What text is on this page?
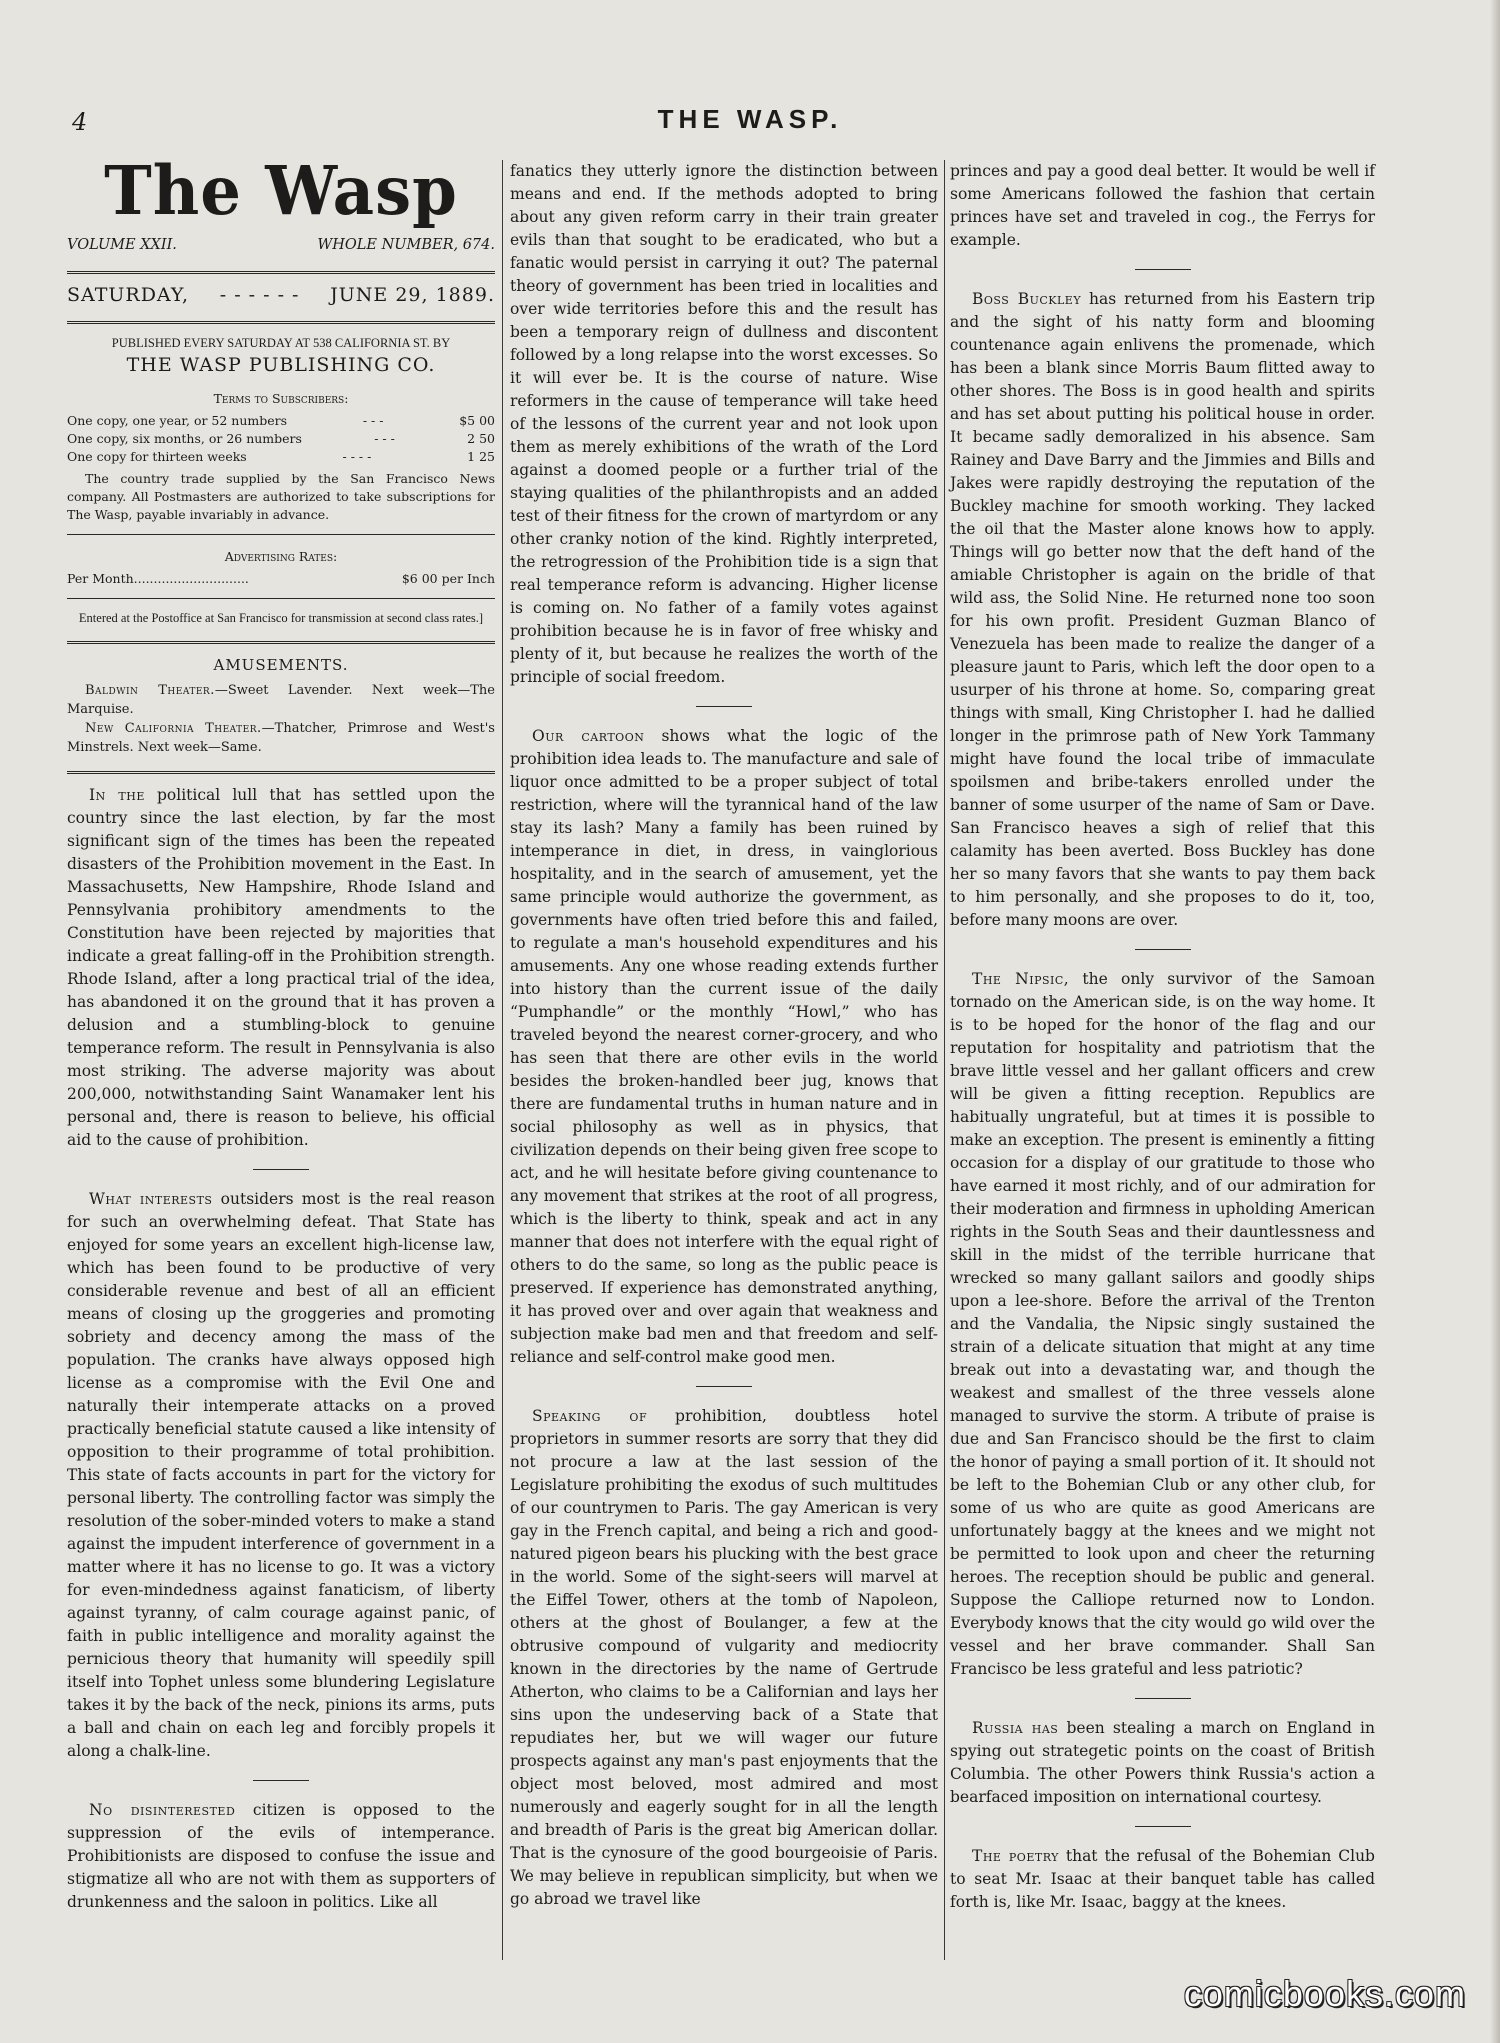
4	THE WASP.
The Wasp
VOLUME XXII.	WHOLE NUMBER, 674.
SATURDAY, - - - - - - JUNE 29, 1889.
PUBLISHED EVERY SATURDAY AT 538 CALIFORNIA ST. BY
THE WASP PUBLISHING CO.
Terms to Subscribers:
One copy, one year, or 52 numbers	- - -	$5 00
One copy, six months, or 26 numbers	- - -	2 50
One copy for thirteen weeks	- - - -	1 25
The country trade supplied by the San Francisco News company. All Postmasters are authorized to take subscriptions for The Wasp, payable invariably in advance.
Advertising Rates:
Per Month.............................	$6 00 per Inch
Entered at the Postoffice at San Francisco for transmission at second class rates.]
AMUSEMENTS.

Baldwin Theater.—Sweet Lavender. Next week—The Marquise.

New California Theater.—Thatcher, Primrose and West's Minstrels. Next week—Same.

In the political lull that has settled upon the country since the last election, by far the most significant sign of the times has been the repeated disasters of the Prohibition movement in the East. In Massachusetts, New Hampshire, Rhode Island and Pennsylvania prohibitory amendments to the Constitution have been rejected by majorities that indicate a great falling-off in the Prohibition strength. Rhode Island, after a long practical trial of the idea, has abandoned it on the ground that it has proven a delusion and a stumbling-block to genuine temperance reform. The result in Pennsylvania is also most striking. The adverse majority was about 200,000, notwithstanding Saint Wanamaker lent his personal and, there is reason to believe, his official aid to the cause of prohibition.

What interests outsiders most is the real reason for such an overwhelming defeat. That State has enjoyed for some years an excellent high-license law, which has been found to be productive of very considerable revenue and best of all an efficient means of closing up the groggeries and promoting sobriety and decency among the mass of the population. The cranks have always opposed high license as a compromise with the Evil One and naturally their intemperate attacks on a proved practically beneficial statute caused a like intensity of opposition to their programme of total prohibition. This state of facts accounts in part for the victory for personal liberty. The controlling factor was simply the resolution of the sober-minded voters to make a stand against the impudent interference of government in a matter where it has no license to go. It was a victory for even-mindedness against fanaticism, of liberty against tyranny, of calm courage against panic, of faith in public intelligence and morality against the pernicious theory that humanity will speedily spill itself into Tophet unless some blundering Legislature takes it by the back of the neck, pinions its arms, puts a ball and chain on each leg and forcibly propels it along a chalk-line.

No disinterested citizen is opposed to the suppression of the evils of intemperance. Prohibitionists are disposed to confuse the issue and stigmatize all who are not with them as supporters of drunkenness and the saloon in politics. Like all

fanatics they utterly ignore the distinction between means and end. If the methods adopted to bring about any given reform carry in their train greater evils than that sought to be eradicated, who but a fanatic would persist in carrying it out? The paternal theory of government has been tried in localities and over wide territories before this and the result has been a temporary reign of dullness and discontent followed by a long relapse into the worst excesses. So it will ever be. It is the course of nature. Wise reformers in the cause of temperance will take heed of the lessons of the current year and not look upon them as merely exhibitions of the wrath of the Lord against a doomed people or a further trial of the staying qualities of the philanthropists and an added test of their fitness for the crown of martyrdom or any other cranky notion of the kind. Rightly interpreted, the retrogression of the Prohibition tide is a sign that real temperance reform is advancing. Higher license is coming on. No father of a family votes against prohibition because he is in favor of free whisky and plenty of it, but because he realizes the worth of the principle of social freedom.

Our cartoon shows what the logic of the prohibition idea leads to. The manufacture and sale of liquor once admitted to be a proper subject of total restriction, where will the tyrannical hand of the law stay its lash? Many a family has been ruined by intemperance in diet, in dress, in vainglorious hospitality, and in the search of amusement, yet the same principle would authorize the government, as governments have often tried before this and failed, to regulate a man's household expenditures and his amusements. Any one whose reading extends further into history than the current issue of the daily “Pumphandle” or the monthly “Howl,” who has traveled beyond the nearest corner-grocery, and who has seen that there are other evils in the world besides the broken-handled beer jug, knows that there are fundamental truths in human nature and in social philosophy as well as in physics, that civilization depends on their being given free scope to act, and he will hesitate before giving countenance to any movement that strikes at the root of all progress, which is the liberty to think, speak and act in any manner that does not interfere with the equal right of others to do the same, so long as the public peace is preserved. If experience has demonstrated anything, it has proved over and over again that weakness and subjection make bad men and that freedom and self-reliance and self-control make good men.

Speaking of prohibition, doubtless hotel proprietors in summer resorts are sorry that they did not procure a law at the last session of the Legislature prohibiting the exodus of such multitudes of our countrymen to Paris. The gay American is very gay in the French capital, and being a rich and good-natured pigeon bears his plucking with the best grace in the world. Some of the sight-seers will marvel at the Eiffel Tower, others at the tomb of Napoleon, others at the ghost of Boulanger, a few at the obtrusive compound of vulgarity and mediocrity known in the directories by the name of Gertrude Atherton, who claims to be a Californian and lays her sins upon the undeserving back of a State that repudiates her, but we will wager our future prospects against any man's past enjoyments that the object most beloved, most admired and most numerously and eagerly sought for in all the length and breadth of Paris is the great big American dollar. That is the cynosure of the good bourgeoisie of Paris. We may believe in republican simplicity, but when we go abroad we travel like

princes and pay a good deal better. It would be well if some Americans followed the fashion that certain princes have set and traveled in cog., the Ferrys for example.

Boss Buckley has returned from his Eastern trip and the sight of his natty form and blooming countenance again enlivens the promenade, which has been a blank since Morris Baum flitted away to other shores. The Boss is in good health and spirits and has set about putting his political house in order. It became sadly demoralized in his absence. Sam Rainey and Dave Barry and the Jimmies and Bills and Jakes were rapidly destroying the reputation of the Buckley machine for smooth working. They lacked the oil that the Master alone knows how to apply. Things will go better now that the deft hand of the amiable Christopher is again on the bridle of that wild ass, the Solid Nine. He returned none too soon for his own profit. President Guzman Blanco of Venezuela has been made to realize the danger of a pleasure jaunt to Paris, which left the door open to a usurper of his throne at home. So, comparing great things with small, King Christopher I. had he dallied longer in the primrose path of New York Tammany might have found the local tribe of immaculate spoilsmen and bribe-takers enrolled under the banner of some usurper of the name of Sam or Dave. San Francisco heaves a sigh of relief that this calamity has been averted. Boss Buckley has done her so many favors that she wants to pay them back to him personally, and she proposes to do it, too, before many moons are over.

The Nipsic, the only survivor of the Samoan tornado on the American side, is on the way home. It is to be hoped for the honor of the flag and our reputation for hospitality and patriotism that the brave little vessel and her gallant officers and crew will be given a fitting reception. Republics are habitually ungrateful, but at times it is possible to make an exception. The present is eminently a fitting occasion for a display of our gratitude to those who have earned it most richly, and of our admiration for their moderation and firmness in upholding American rights in the South Seas and their dauntlessness and skill in the midst of the terrible hurricane that wrecked so many gallant sailors and goodly ships upon a lee-shore. Before the arrival of the Trenton and the Vandalia, the Nipsic singly sustained the strain of a delicate situation that might at any time break out into a devastating war, and though the weakest and smallest of the three vessels alone managed to survive the storm. A tribute of praise is due and San Francisco should be the first to claim the honor of paying a small portion of it. It should not be left to the Bohemian Club or any other club, for some of us who are quite as good Americans are unfortunately baggy at the knees and we might not be permitted to look upon and cheer the returning heroes. The reception should be public and general. Suppose the Calliope returned now to London. Everybody knows that the city would go wild over the vessel and her brave commander. Shall San Francisco be less grateful and less patriotic?

Russia has been stealing a march on England in spying out strategetic points on the coast of British Columbia. The other Powers think Russia's action a bearfaced imposition on international courtesy.

The poetry that the refusal of the Bohemian Club to seat Mr. Isaac at their banquet table has called forth is, like Mr. Isaac, baggy at the knees.

comicbooks.com
